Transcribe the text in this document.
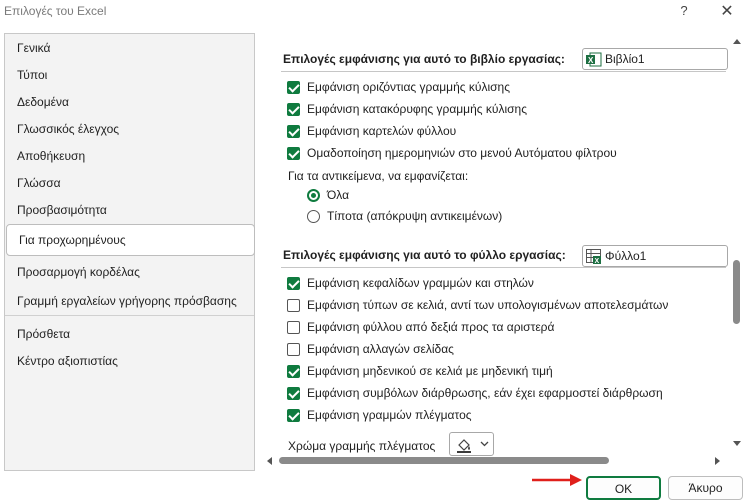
Επιλογές του Excel	? ✕
Γενικά
Τύποι
Δεδομένα
Γλωσσικός έλεγχος
Αποθήκευση
Γλώσσα
Προσβασιμότητα
Για προχωρημένους
Προσαρμογή κορδέλας
Γραμμή εργαλείων γρήγορης πρόσβασης
Πρόσθετα
Κέντρο αξιοπιστίας
Επιλογές εμφάνισης για αυτό το βιβλίο εργασίας:	X Βιβλίο1
Εμφάνιση οριζόντιας γραμμής κύλισης
Εμφάνιση κατακόρυφης γραμμής κύλισης
Εμφάνιση καρτελών φύλλου
Ομαδοποίηση ημερομηνιών στο μενού Αυτόματου φίλτρου
Για τα αντικείμενα, να εμφανίζεται:
Όλα
Τίποτα (απόκρυψη αντικειμένων)
Επιλογές εμφάνισης για αυτό το φύλλο εργασίας:	X Φύλλο1
Εμφάνιση κεφαλίδων γραμμών και στηλών
Εμφάνιση τύπων σε κελιά, αντί των υπολογισμένων αποτελεσμάτων
Εμφάνιση φύλλου από δεξιά προς τα αριστερά
Εμφάνιση αλλαγών σελίδας
Εμφάνιση μηδενικού σε κελιά με μηδενική τιμή
Εμφάνιση συμβόλων διάρθρωσης, εάν έχει εφαρμοστεί διάρθρωση
Εμφάνιση γραμμών πλέγματος
Χρώμα γραμμής πλέγματος
OK	Άκυρο
